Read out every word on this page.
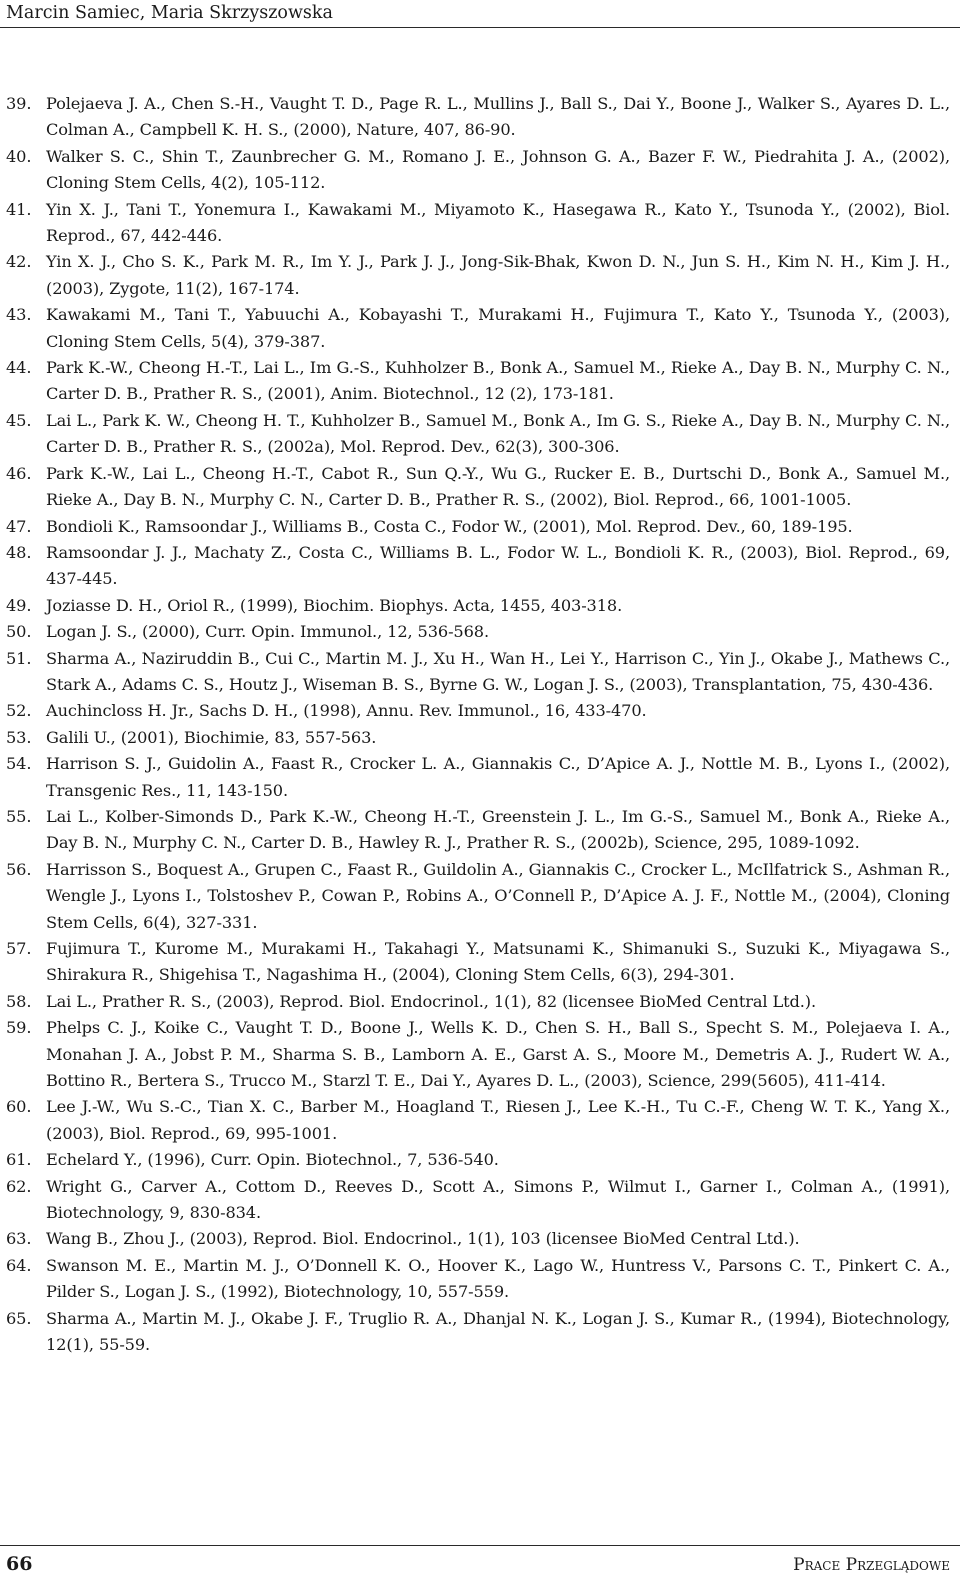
Marcin Samiec, Maria Skrzyszowska
39. Polejaeva J. A., Chen S.-H., Vaught T. D., Page R. L., Mullins J., Ball S., Dai Y., Boone J., Walker S., Ayares D. L., Colman A., Campbell K. H. S., (2000), Nature, 407, 86-90.
40. Walker S. C., Shin T., Zaunbrecher G. M., Romano J. E., Johnson G. A., Bazer F. W., Piedrahita J. A., (2002), Cloning Stem Cells, 4(2), 105-112.
41. Yin X. J., Tani T., Yonemura I., Kawakami M., Miyamoto K., Hasegawa R., Kato Y., Tsunoda Y., (2002), Biol. Reprod., 67, 442-446.
42. Yin X. J., Cho S. K., Park M. R., Im Y. J., Park J. J., Jong-Sik-Bhak, Kwon D. N., Jun S. H., Kim N. H., Kim J. H., (2003), Zygote, 11(2), 167-174.
43. Kawakami M., Tani T., Yabuuchi A., Kobayashi T., Murakami H., Fujimura T., Kato Y., Tsunoda Y., (2003), Cloning Stem Cells, 5(4), 379-387.
44. Park K.-W., Cheong H.-T., Lai L., Im G.-S., Kuhholzer B., Bonk A., Samuel M., Rieke A., Day B. N., Murphy C. N., Carter D. B., Prather R. S., (2001), Anim. Biotechnol., 12 (2), 173-181.
45. Lai L., Park K. W., Cheong H. T., Kuhholzer B., Samuel M., Bonk A., Im G. S., Rieke A., Day B. N., Murphy C. N., Carter D. B., Prather R. S., (2002a), Mol. Reprod. Dev., 62(3), 300-306.
46. Park K.-W., Lai L., Cheong H.-T., Cabot R., Sun Q.-Y., Wu G., Rucker E. B., Durtschi D., Bonk A., Samuel M., Rieke A., Day B. N., Murphy C. N., Carter D. B., Prather R. S., (2002), Biol. Reprod., 66, 1001-1005.
47. Bondioli K., Ramsoondar J., Williams B., Costa C., Fodor W., (2001), Mol. Reprod. Dev., 60, 189-195.
48. Ramsoondar J. J., Machaty Z., Costa C., Williams B. L., Fodor W. L., Bondioli K. R., (2003), Biol. Reprod., 69, 437-445.
49. Joziasse D. H., Oriol R., (1999), Biochim. Biophys. Acta, 1455, 403-318.
50. Logan J. S., (2000), Curr. Opin. Immunol., 12, 536-568.
51. Sharma A., Naziruddin B., Cui C., Martin M. J., Xu H., Wan H., Lei Y., Harrison C., Yin J., Okabe J., Mathews C., Stark A., Adams C. S., Houtz J., Wiseman B. S., Byrne G. W., Logan J. S., (2003), Transplantation, 75, 430-436.
52. Auchincloss H. Jr., Sachs D. H., (1998), Annu. Rev. Immunol., 16, 433-470.
53. Galili U., (2001), Biochimie, 83, 557-563.
54. Harrison S. J., Guidolin A., Faast R., Crocker L. A., Giannakis C., D’Apice A. J., Nottle M. B., Lyons I., (2002), Transgenic Res., 11, 143-150.
55. Lai L., Kolber-Simonds D., Park K.-W., Cheong H.-T., Greenstein J. L., Im G.-S., Samuel M., Bonk A., Rieke A., Day B. N., Murphy C. N., Carter D. B., Hawley R. J., Prather R. S., (2002b), Science, 295, 1089-1092.
56. Harrisson S., Boquest A., Grupen C., Faast R., Guildolin A., Giannakis C., Crocker L., McIlfatrick S., Ashman R., Wengle J., Lyons I., Tolstoshev P., Cowan P., Robins A., O’Connell P., D’Apice A. J. F., Nottle M., (2004), Cloning Stem Cells, 6(4), 327-331.
57. Fujimura T., Kurome M., Murakami H., Takahagi Y., Matsunami K., Shimanuki S., Suzuki K., Miyagawa S., Shirakura R., Shigehisa T., Nagashima H., (2004), Cloning Stem Cells, 6(3), 294-301.
58. Lai L., Prather R. S., (2003), Reprod. Biol. Endocrinol., 1(1), 82 (licensee BioMed Central Ltd.).
59. Phelps C. J., Koike C., Vaught T. D., Boone J., Wells K. D., Chen S. H., Ball S., Specht S. M., Polejaeva I. A., Monahan J. A., Jobst P. M., Sharma S. B., Lamborn A. E., Garst A. S., Moore M., Demetris A. J., Rudert W. A., Bottino R., Bertera S., Trucco M., Starzl T. E., Dai Y., Ayares D. L., (2003), Science, 299(5605), 411-414.
60. Lee J.-W., Wu S.-C., Tian X. C., Barber M., Hoagland T., Riesen J., Lee K.-H., Tu C.-F., Cheng W. T. K., Yang X., (2003), Biol. Reprod., 69, 995-1001.
61. Echelard Y., (1996), Curr. Opin. Biotechnol., 7, 536-540.
62. Wright G., Carver A., Cottom D., Reeves D., Scott A., Simons P., Wilmut I., Garner I., Colman A., (1991), Biotechnology, 9, 830-834.
63. Wang B., Zhou J., (2003), Reprod. Biol. Endocrinol., 1(1), 103 (licensee BioMed Central Ltd.).
64. Swanson M. E., Martin M. J., O’Donnell K. O., Hoover K., Lago W., Huntress V., Parsons C. T., Pinkert C. A., Pilder S., Logan J. S., (1992), Biotechnology, 10, 557-559.
65. Sharma A., Martin M. J., Okabe J. F., Truglio R. A., Dhanjal N. K., Logan J. S., Kumar R., (1994), Biotechnology, 12(1), 55-59.
66	Prace Przeglądowe
